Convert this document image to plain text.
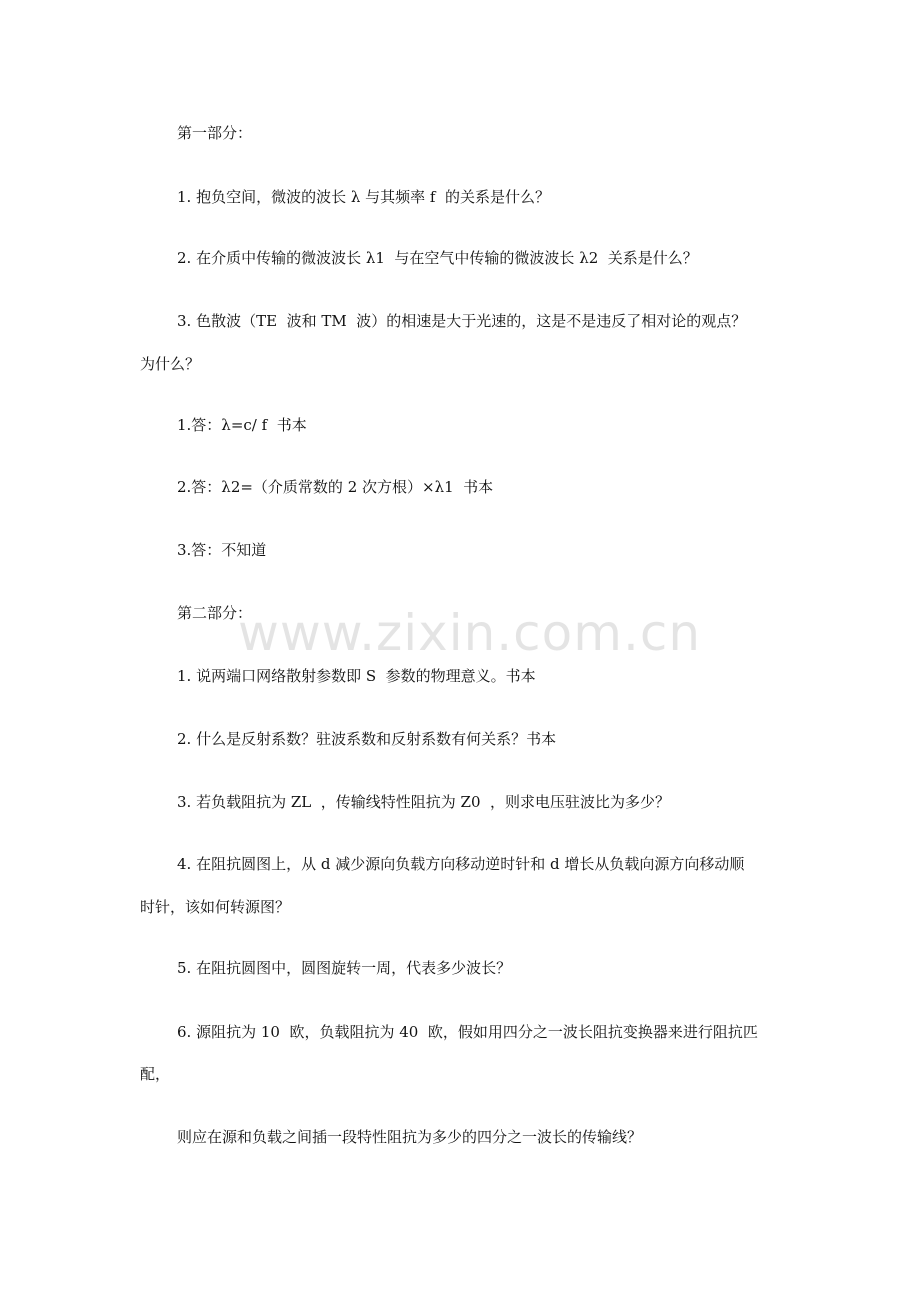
第一部分：
1. 抱负空间，微波的波长 λ 与其频率 f  的关系是什么？
2. 在介质中传输的微波波长 λ1  与在空气中传输的微波波长 λ2  关系是什么？
3. 色散波（TE  波和 TM  波）的相速是大于光速的，这是不是违反了相对论的观点？
为什么？
1.答：λ=c/ f  书本
2.答：λ2=（介质常数的 2 次方根）×λ1  书本
3.答：不知道
第二部分：
1. 说两端口网络散射参数即 S  参数的物理意义。书本
2. 什么是反射系数？驻波系数和反射系数有何关系？书本
3. 若负载阻抗为 ZL  ，传输线特性阻抗为 Z0  ，则求电压驻波比为多少？
4. 在阻抗圆图上，从 d 减少源向负载方向移动逆时针和 d 增长从负载向源方向移动顺
时针，该如何转源图？
5. 在阻抗圆图中，圆图旋转一周，代表多少波长？
6. 源阻抗为 10  欧，负载阻抗为 40  欧，假如用四分之一波长阻抗变换器来进行阻抗匹
配，
则应在源和负载之间插一段特性阻抗为多少的四分之一波长的传输线？
www.zixin.com.cn
